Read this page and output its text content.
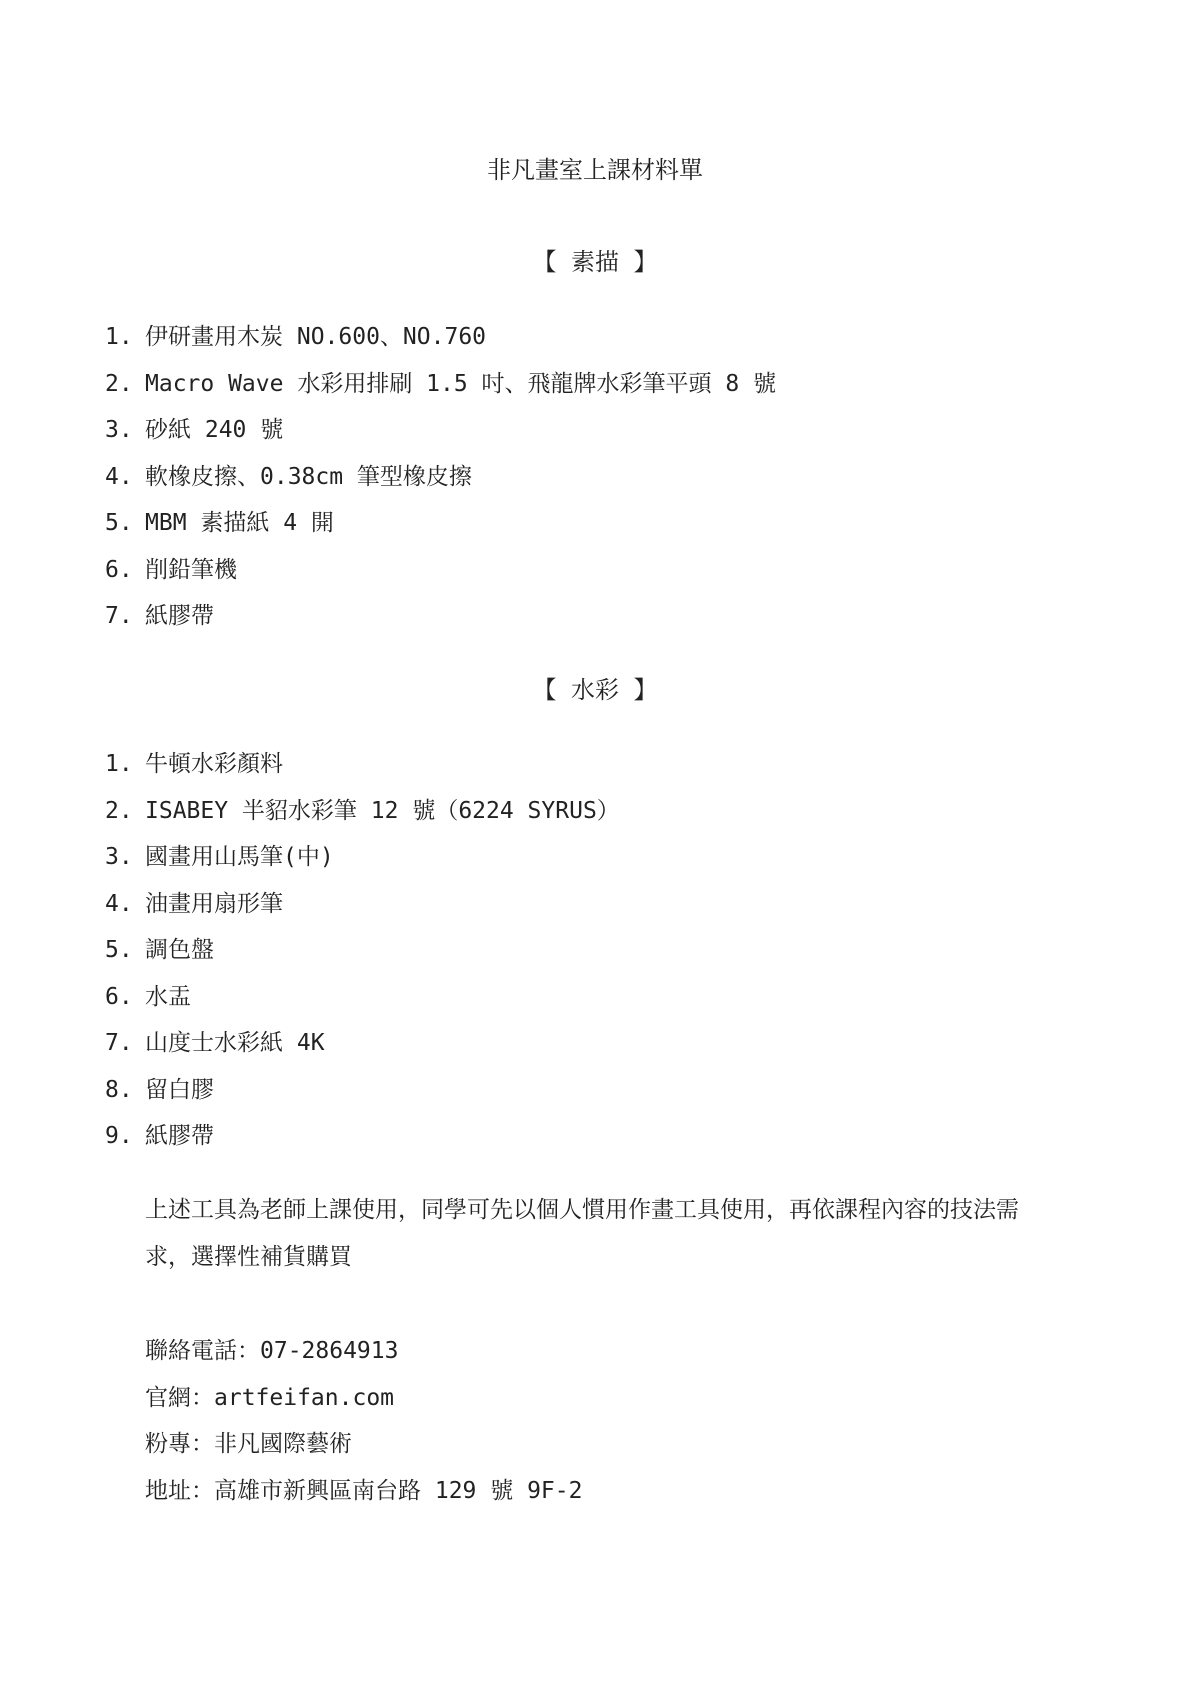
非凡畫室上課材料單
【 素描 】
1. 伊研畫用木炭 NO.600、NO.760
2. Macro Wave 水彩用排刷 1.5 吋、飛龍牌水彩筆平頭 8 號
3. 砂紙 240 號
4. 軟橡皮擦、0.38cm 筆型橡皮擦
5. MBM 素描紙 4 開
6. 削鉛筆機
7. 紙膠帶
【 水彩 】
1. 牛頓水彩顏料
2. ISABEY 半貂水彩筆 12 號（6224 SYRUS）
3. 國畫用山馬筆(中)
4. 油畫用扇形筆
5. 調色盤
6. 水盂
7. 山度士水彩紙 4K
8. 留白膠
9. 紙膠帶
上述工具為老師上課使用，同學可先以個人慣用作畫工具使用，再依課程內容的技法需求，選擇性補貨購買
聯絡電話：07-2864913
官網：artfeifan.com
粉專：非凡國際藝術
地址：高雄市新興區南台路 129 號 9F-2
